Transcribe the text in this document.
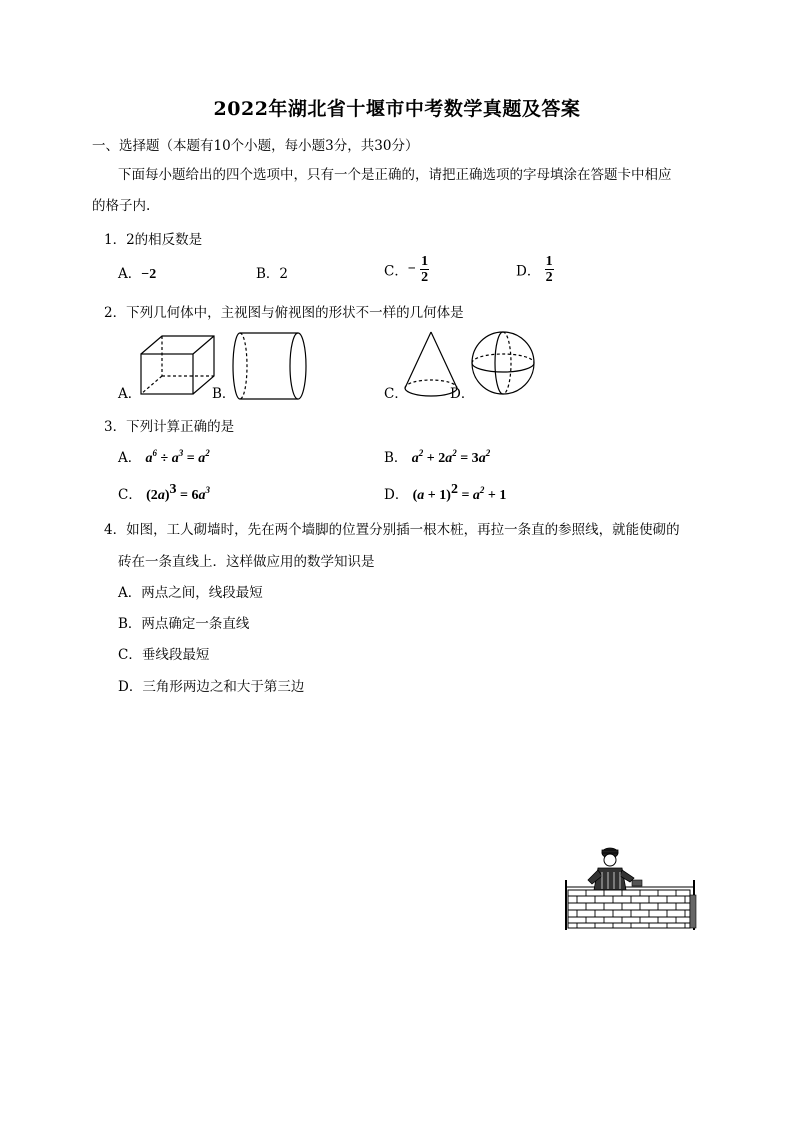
2022年湖北省十堰市中考数学真题及答案
一、选择题（本题有10个小题，每小题3分，共30分）
下面每小题给出的四个选项中，只有一个是正确的，请把正确选项的字母填涂在答题卡中相应
的格子内.
1．2的相反数是
A．−2	B．2	C．− $\frac{1}{2}$	D． $\frac{1}{2}$
2．下列几何体中，主视图与俯视图的形状不一样的几何体是
A．	B．	C．	D．
3．下列计算正确的是
A． $a^6 \div a^3 = a^2$	B． $a^2 + 2a^2 = 3a^2$
C． $(2a)^3 = 6a^3$	D． $(a + 1)^2 = a^2 + 1$
4．如图，工人砌墙时，先在两个墙脚的位置分别插一根木桩，再拉一条直的参照线，就能使砌的
砖在一条直线上．这样做应用的数学知识是
A．两点之间，线段最短
B．两点确定一条直线
C．垂线段最短
D．三角形两边之和大于第三边
